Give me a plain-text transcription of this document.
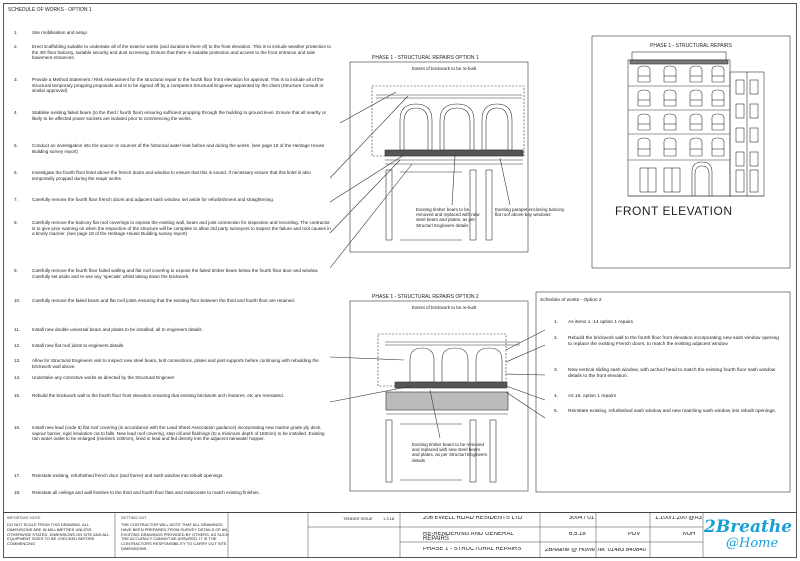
SCHEDULE OF WORKS - OPTION 1
1.	Site mobilisation and setup
2.	Erect scaffolding suitable to undertake all of the exterior works (and durations there of) to the front elevation. This is to include weather protection to the 4th floor balcony, suitable security and dust screening. Ensure that there is suitable protection and access to the front entrance and side basement entrances.
3.	Provide a Method Statement / Risk Assessment for the structural repair to the fourth floor front elevation for approval. This is to include all of the structural temporary propping proposals and is to be signed off by a competent Structural Engineer appointed by the client (Structure Consult or similar approved)
4.	Stabilise existing failed beam (to the third / fourth floor) ensuring sufficient propping through the building to ground level. Ensure that all nearby or likely to be affected power sockets are isolated prior to commencing the works.
5.	Conduct an investigation into the source or sources of the historical water leak before and during the works. (see page 18 of the Heritage House Building survey report)
6.	Investigate the fourth floor lintel above the french doors and window to ensure that this is sound. If necessary ensure that this lintel is also temporarily propped during the reapir works.
7.	Carefully remove the fourth floor french doors and adjacent sash window, set aside for refurbishment and straightening.
8.	Carefully remove the balcony flat roof coverings to expose the existing wall, beam and joist connection for inspection and recording. The contractor is to give prior warning on when the inspection of the structure will be complete to allow 3rd party surveyors to inspect the failure and root causes in a timely manner. (see page 18 of the Heritage House Building survey report)
9.	Carefully remove the fourth floor failed walling and flat roof covering to expose the failed timber beam below the fourth floor door and window. Carefully set aside and re-use any 'specials' whilst taking down the brickwork.
10.	Carefully remove the failed beam and flat roof joists ensuring that the existing floor between the third and fourth floor are retained.
11.	Install new double universal beam and plates to be installed, all to engineers details.
12.	Install new flat roof joists to engineers details.
13.	Allow for Structural Engineers visit to inspect new steel beam, bolt connections, plates and joist supports before continuing with rebuilding the brickwork wall above.
14.	Undertake any corrective works as directed by the Structural Engineer
15.	Rebuild the brickwork wall to the fourth floor front elevation ensuring that existing brickwork arch features, etc are reinstated.
16.	Install new lead (code 5) flat roof covering (in accordance with the Lead Sheet Association guidance) incorporating new marine grade ply deck, vapour barrier, rigid insulation cut to falls. New lead roof covering, step cill and flashings (to a minimum depth of 150mm) to be installed. Existing rain water outlet to be enlarged (minimim 100mm), lined in lead and fed directly into the adjacent rainwater hopper.
17.	Reinstate existing, refurbished french door (and frame) and sash window into rebuilt openings.
18.	Reinstate all ceilings and wall finishes to the third and fourth floor flats and redecorate to match existing finishes.
PHASE 1 - STRUCTURAL REPAIRS OPTION 1
Extent of brickwork to be re-built
Existing timber beam to be removed and replaced with new steel beam and plates, as per Structurl Engineers details
Existing parapet enclosing balcony flat roof above bay windows
PHASE 1 - STRUCTURAL REPAIRS OPTION 2
Extent of brickwork to be re-built
Existing timber beam to be removed and replaced with new steel beam and plates, as per Structurl Engineers details
PHASE 1 - STRUCTURAL REPAIRS
FRONT ELEVATION
Schedule of works - Option 2
1. As items 1 -14 option 1 repairs
2. Rebuild the brickwork wall to the fourth floor front elevation incorporating new sash window opening to replace the existing French doors, to match the existing adjacent window
3. New vertical sliding sash window, with arched head to match the existing fourth floor sash window details to the front elevation.
4. As 16, option 1 repairs
5. Reinstate existing, refurbished sash window and new matching sash window into rebuilt openings.
IMPORTANT NOTE
DO NOT SCALE FROM THIS DRAWING. ALL DIMENSIONS ARE IN MILLIMETRES UNLESS OTHERWISE STATED. DIMENSIONS ON SITE AND ALL EQUIPMENT SIZES TO BE CHECKED BEFORE COMMENCING
SETTING OUT
THE CONTRACTOR WILL NOTE THAT ALL DRAWINGS HAVE BEEN PREPARED FROM SURVEY DETAILS OF AN EXISTING DRAWINGS PROVIDED BY OTHERS. AS SUCH THE ACCURACY CANNOT BE ASSURED. IT IS THE CONTRACTORS RESPONSIBILITY TO CARRY OUT SITE DIMENSIONS.
TENDER ISSUE	1.3.18	206 EWELL ROAD RESIDENTS LTD
RE-RENDERING AND GENERAL REPAIRS
PHASE 1 - STRUCTURAL REPAIRS
3004 / 01
6.5.18	PDV	MJH
1:100/1:200 @A3
2Breathe @ Home Tel: 01483 840840
2Breathe
@Home
